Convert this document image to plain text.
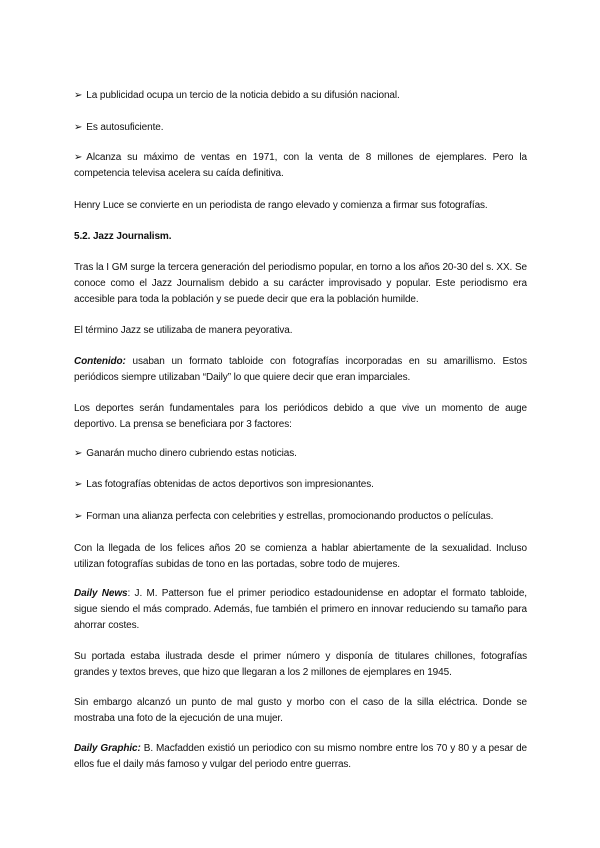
➢ La publicidad ocupa un tercio de la noticia debido a su difusión nacional.

➢ Es autosuficiente.

➢ Alcanza su máximo de ventas en 1971, con la venta de 8 millones de ejemplares. Pero la competencia televisa acelera su caída definitiva.

Henry Luce se convierte en un periodista de rango elevado y comienza a firmar sus fotografías.

5.2. Jazz Journalism.

Tras la I GM surge la tercera generación del periodismo popular, en torno a los años 20-30 del s. XX. Se conoce como el Jazz Journalism debido a su carácter improvisado y popular. Este periodismo era accesible para toda la población y se puede decir que era la población humilde.

El término Jazz se utilizaba de manera peyorativa.

Contenido: usaban un formato tabloide con fotografías incorporadas en su amarillismo. Estos periódicos siempre utilizaban “Daily” lo que quiere decir que eran imparciales.

Los deportes serán fundamentales para los periódicos debido a que vive un momento de auge deportivo. La prensa se beneficiara por 3 factores:

➢ Ganarán mucho dinero cubriendo estas noticias.

➢ Las fotografías obtenidas de actos deportivos son impresionantes.

➢ Forman una alianza perfecta con celebrities y estrellas, promocionando productos o películas.

Con la llegada de los felices años 20 se comienza a hablar abiertamente de la sexualidad. Incluso utilizan fotografías subidas de tono en las portadas, sobre todo de mujeres.

Daily News: J. M. Patterson fue el primer periodico estadounidense en adoptar el formato tabloide, sigue siendo el más comprado. Además, fue también el primero en innovar reduciendo su tamaño para ahorrar costes.

Su portada estaba ilustrada desde el primer número y disponía de titulares chillones, fotografías grandes y textos breves, que hizo que llegaran a los 2 millones de ejemplares en 1945.

Sin embargo alcanzó un punto de mal gusto y morbo con el caso de la silla eléctrica. Donde se mostraba una foto de la ejecución de una mujer.

Daily Graphic: B. Macfadden existió un periodico con su mismo nombre entre los 70 y 80 y a pesar de ellos fue el daily más famoso y vulgar del periodo entre guerras.
